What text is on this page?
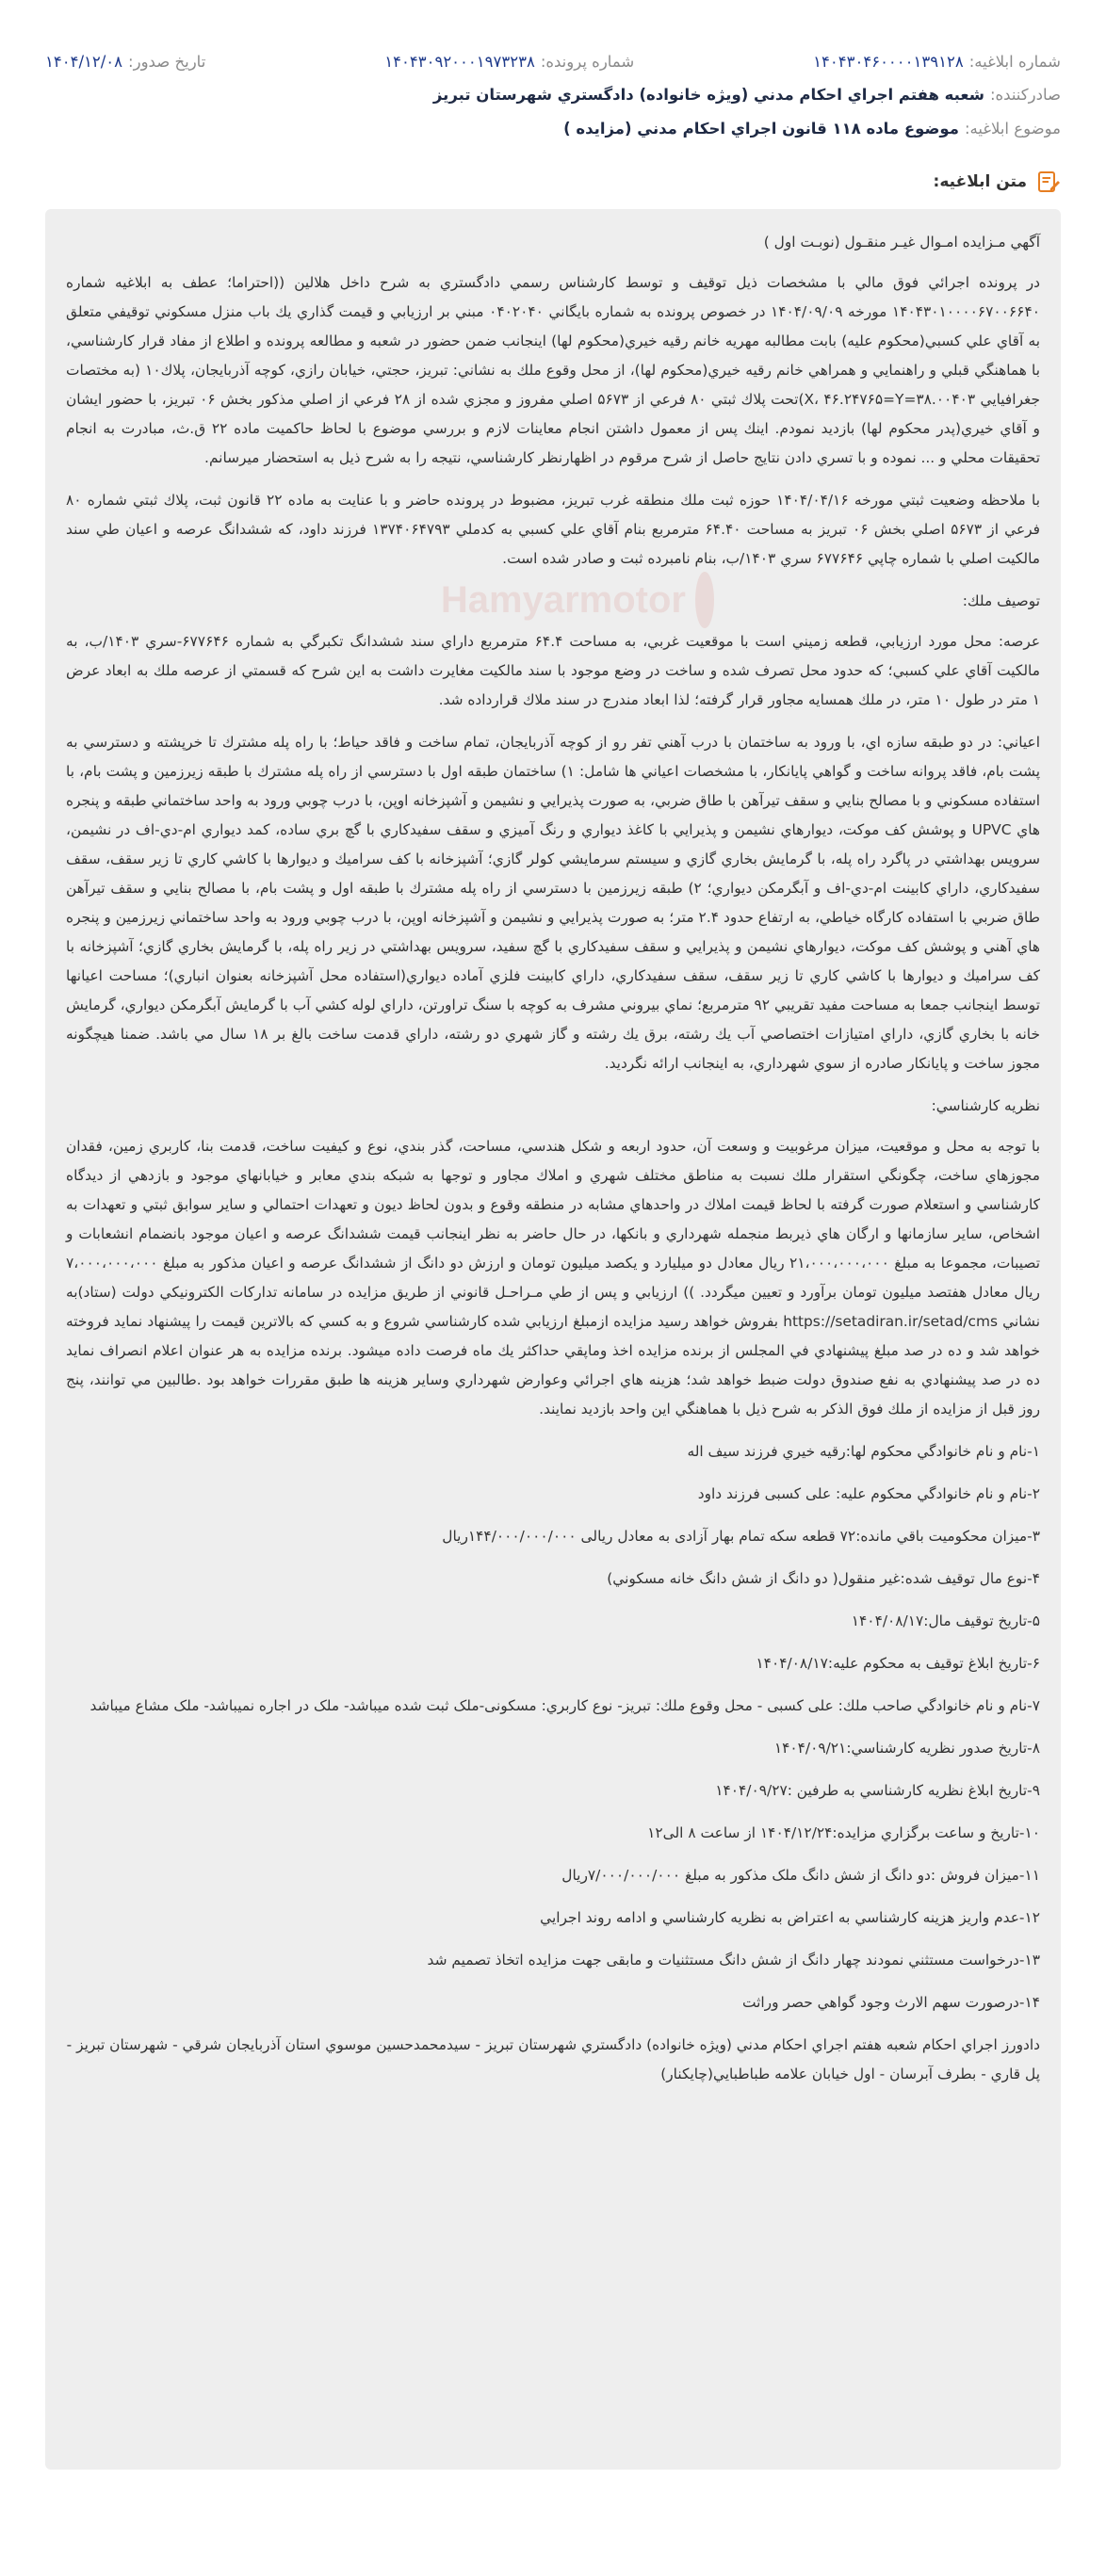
شماره ابلاغيه:
۱۴۰۴۳۰۴۶۰۰۰۰۱۳۹۱۲۸
شماره پرونده:
۱۴۰۴۳۰۹۲۰۰۰۱۹۷۳۲۳۸
تاريخ صدور:
۱۴۰۴/۱۲/۰۸
صادركننده:
شعبه هفتم اجراي احكام مدني (ويژه خانواده) دادگستري شهرستان تبريز
موضوع ابلاغيه:
موضوع ماده ۱۱۸ قانون اجراي احكام مدني (مزايده )
متن ابلاغيه:
Hamyarmotor
آگهي مـزايده امـوال غيـر منقـول (نوبـت اول )
در پرونده اجرائي فوق مالي با مشخصات ذيل توقيف و توسط كارشناس رسمي دادگستري به شرح داخل هلالين ((احتراما؛ عطف به ابلاغيه شماره ۱۴۰۴۳۰۱۰۰۰۰۶۷۰۰۶۶۴۰ مورخه ۱۴۰۴/۰۹/۰۹ در خصوص پرونده به شماره بايگاني ۰۴۰۲۰۴۰ مبني بر ارزيابي و قيمت گذاري يك باب منزل مسكوني توقيفي متعلق به آقاي علي كسبي(محكوم عليه) بابت مطالبه مهريه خانم رقيه خيري(محكوم لها) اينجانب ضمن حضور در شعبه و مطالعه پرونده و اطلاع از مفاد قرار كارشناسي، با هماهنگي قبلي و راهنمايي و همراهي خانم رقيه خيري(محكوم لها)، از محل وقوع ملك به نشاني: تبريز، حجتي، خيابان رازي، كوچه آذربايجان، پلاك۱۰ (به مختصات جغرافيايي ۳۸.۰۰۴۰۳=X، ۴۶.۲۴۷۶۵=Y)تحت پلاك ثبتي ۸۰ فرعي از ۵۶۷۳ اصلي مفروز و مجزي شده از ۲۸ فرعي از اصلي مذكور بخش ۰۶ تبريز، با حضور ايشان و آقاي خيري(پدر محكوم لها) بازديد نمودم. اينك پس از معمول داشتن انجام معاينات لازم و بررسي موضوع با لحاظ حاكميت ماده ۲۲ ق.ث، مبادرت به انجام تحقيقات محلي و ... نموده و با تسري دادن نتايج حاصل از شرح مرقوم در اظهارنظر كارشناسي، نتيجه را به شرح ذيل به استحضار ميرسانم.
با ملاحظه وضعيت ثبتي مورخه ۱۴۰۴/۰۴/۱۶ حوزه ثبت ملك منطقه غرب تبريز، مضبوط در پرونده حاضر و با عنايت به ماده ۲۲ قانون ثبت، پلاك ثبتي شماره ۸۰ فرعي از ۵۶۷۳ اصلي بخش ۰۶ تبريز به مساحت ۶۴.۴۰ مترمربع بنام آقاي علي كسبي به كدملي ۱۳۷۴۰۶۴۷۹۳ فرزند داود، كه ششدانگ عرصه و اعيان طي سند مالكيت اصلي با شماره چاپي ۶۷۷۶۴۶ سري ۱۴۰۳/ب، بنام نامبرده ثبت و صادر شده است.
توصيف ملك:
عرصه: محل مورد ارزيابي، قطعه زميني است با موقعيت غربي، به مساحت ۶۴.۴ مترمربع داراي سند ششدانگ تكبرگي به شماره ۶۷۷۶۴۶-سري ۱۴۰۳/ب، به مالكيت آقاي علي كسبي؛ كه حدود محل تصرف شده و ساخت در وضع موجود با سند مالكيت مغايرت داشت به اين شرح كه قسمتي از عرصه ملك به ابعاد عرض ۱ متر در طول ۱۰ متر، در ملك همسايه مجاور قرار گرفته؛ لذا ابعاد مندرج در سند ملاك قرارداده شد.
اعياني: در دو طبقه سازه اي، با ورود به ساختمان با درب آهني تفر رو از كوچه آذربايجان، تمام ساخت و فاقد حياط؛ با راه پله مشترك تا خرپشته و دسترسي به پشت بام، فاقد پروانه ساخت و گواهي پايانكار، با مشخصات اعياني ها شامل: ۱) ساختمان طبقه اول با دسترسي از راه پله مشترك با طبقه زيرزمين و پشت بام، با استفاده مسكوني و با مصالح بنايي و سقف تيرآهن با طاق ضربي، به صورت پذيرايي و نشيمن و آشپزخانه اوپن، با درب چوبي ورود به واحد ساختماني طبقه و پنجره هاي UPVC و پوشش كف موكت، ديوارهاي نشيمن و پذيرايي با كاغذ ديواري و رنگ آميزي و سقف سفيدكاري با گچ بري ساده، كمد ديواري ام-دي-اف در نشيمن، سرويس بهداشتي در پاگرد راه پله، با گرمايش بخاري گازي و سيستم سرمايشي كولر گازي؛ آشپزخانه با كف سراميك و ديوارها با كاشي كاري تا زير سقف، سقف سفيدكاري، داراي كابينت ام-دي-اف و آبگرمكن ديواري؛ ۲) طبقه زيرزمين با دسترسي از راه پله مشترك با طبقه اول و پشت بام، با مصالح بنايي و سقف تيرآهن طاق ضربي با استفاده كارگاه خياطي، به ارتفاع حدود ۲.۴ متر؛ به صورت پذيرايي و نشيمن و آشپزخانه اوپن، با درب چوبي ورود به واحد ساختماني زيرزمين و پنجره هاي آهني و پوشش كف موكت، ديوارهاي نشيمن و پذيرايي و سقف سفيدكاري با گچ سفيد، سرويس بهداشتي در زير راه پله، با گرمايش بخاري گازي؛ آشپزخانه با كف سراميك و ديوارها با كاشي كاري تا زير سقف، سقف سفيدكاري، داراي كابينت فلزي آماده ديواري(استفاده محل آشپزخانه بعنوان انباري)؛ مساحت اعيانها توسط اينجانب جمعا به مساحت مفيد تقريبي ۹۲ مترمربع؛ نماي بيروني مشرف به كوچه با سنگ تراورتن، داراي لوله كشي آب با گرمايش آبگرمكن ديواري، گرمايش خانه با بخاري گازي، داراي امتيازات اختصاصي آب يك رشته، برق يك رشته و گاز شهري دو رشته، داراي قدمت ساخت بالغ بر ۱۸ سال مي باشد. ضمنا هيچگونه مجوز ساخت و پايانكار صادره از سوي شهرداري، به اينجانب ارائه نگرديد.
نظريه كارشناسي:
با توجه به محل و موقعيت، ميزان مرغوبيت و وسعت آن، حدود اربعه و شكل هندسي، مساحت، گذر بندي، نوع و كيفيت ساخت، قدمت بنا، كاربري زمين، فقدان مجوزهاي ساخت، چگونگي استقرار ملك نسبت به مناطق مختلف شهري و املاك مجاور و توجها به شبكه بندي معابر و خيابانهاي موجود و بازدهي از ديدگاه كارشناسي و استعلام صورت گرفته با لحاظ قيمت املاك در واحدهاي مشابه در منطقه وقوع و بدون لحاظ ديون و تعهدات احتمالي و ساير سوابق ثبتي و تعهدات به اشخاص، ساير سازمانها و ارگان هاي ذيربط منجمله شهرداري و بانكها، در حال حاضر به نظر اينجانب قيمت ششدانگ عرصه و اعيان موجود بانضمام انشعابات و تصيبات، مجموعا به مبلغ ۲۱،۰۰۰،۰۰۰،۰۰۰ ريال معادل دو ميليارد و يكصد ميليون تومان و ارزش دو دانگ از ششدانگ عرصه و اعيان مذكور به مبلغ ۷،۰۰۰،۰۰۰،۰۰۰ ريال معادل هفتصد ميليون تومان برآورد و تعيين ميگردد. )) ارزيابي و پس از طي مـراحـل قانوني از طريق مزايده در سامانه تداركات الكترونيكي دولت (ستاد)به نشاني https://setadiran.ir/setad/cms بفروش خواهد رسيد مزايده ازمبلغ ارزيابي شده كارشناسي شروع و به كسي كه بالاترين قيمت را پيشنهاد نمايد فروخته خواهد شد و ده در صد مبلغ پيشنهادي في المجلس از برنده مزايده اخذ وماپقي حداكثر يك ماه فرصت داده ميشود. برنده مزايده به هر عنوان اعلام انصراف نمايد ده در صد پيشنهادي به نفع صندوق دولت ضبط خواهد شد؛ هزينه هاي اجرائي وعوارض شهرداري وساير هزينه ها طبق مقررات خواهد بود .طالبين مي توانند، پنج روز قبل از مزايده از ملك فوق الذكر به شرح ذيل با هماهنگي اين واحد بازديد نمايند.
۱-نام و نام خانوادگي محكوم لها:رقيه خيري فرزند سيف اله
۲-نام و نام خانوادگي محكوم عليه: علی کسبی فرزند داود
۳-ميزان محكوميت باقي مانده:۷۲ قطعه سکه تمام بهار آزادی به معادل ریالی ۱۴۴/۰۰۰/۰۰۰/۰۰۰ريال
۴-نوع مال توقيف شده:غير منقول( دو دانگ از شش دانگ خانه مسكوني)
۵-تاريخ توقيف مال:۱۴۰۴/۰۸/۱۷
۶-تاريخ ابلاغ توقيف به محكوم عليه:۱۴۰۴/۰۸/۱۷
۷-نام و نام خانوادگي صاحب ملك: علی کسبی - محل وقوع ملك: تبریز- نوع كاربري: مسکونی-ملک ثبت شده میباشد- ملک در اجاره نمیباشد- ملک مشاع میباشد
۸-تاريخ صدور نظريه كارشناسي:۱۴۰۴/۰۹/۲۱
۹-تاريخ ابلاغ نظريه كارشناسي به طرفين :۱۴۰۴/۰۹/۲۷
۱۰-تاريخ و ساعت برگزاري مزايده:۱۴۰۴/۱۲/۲۴ از ساعت ۸ الی۱۲
۱۱-ميزان فروش :دو دانگ از شش دانگ ملک مذکور به مبلغ ۷/۰۰۰/۰۰۰/۰۰۰ريال
۱۲-عدم واريز هزينه كارشناسي به اعتراض به نظريه كارشناسي و ادامه روند اجرايي
۱۳-درخواست مستثني نمودند چهار دانگ از شش دانگ مستثنیات و مابقی جهت مزایده اتخاذ تصمیم شد
۱۴-درصورت سهم الارث وجود گواهي حصر وراثت
دادورز اجراي احكام شعبه هفتم اجراي احكام مدني (ويژه خانواده) دادگستري شهرستان تبريز - سيدمحمدحسين موسوي استان آذربايجان شرقي - شهرستان تبريز - پل قاري - بطرف آبرسان - اول خيابان علامه طباطبايي(چايكنار)
